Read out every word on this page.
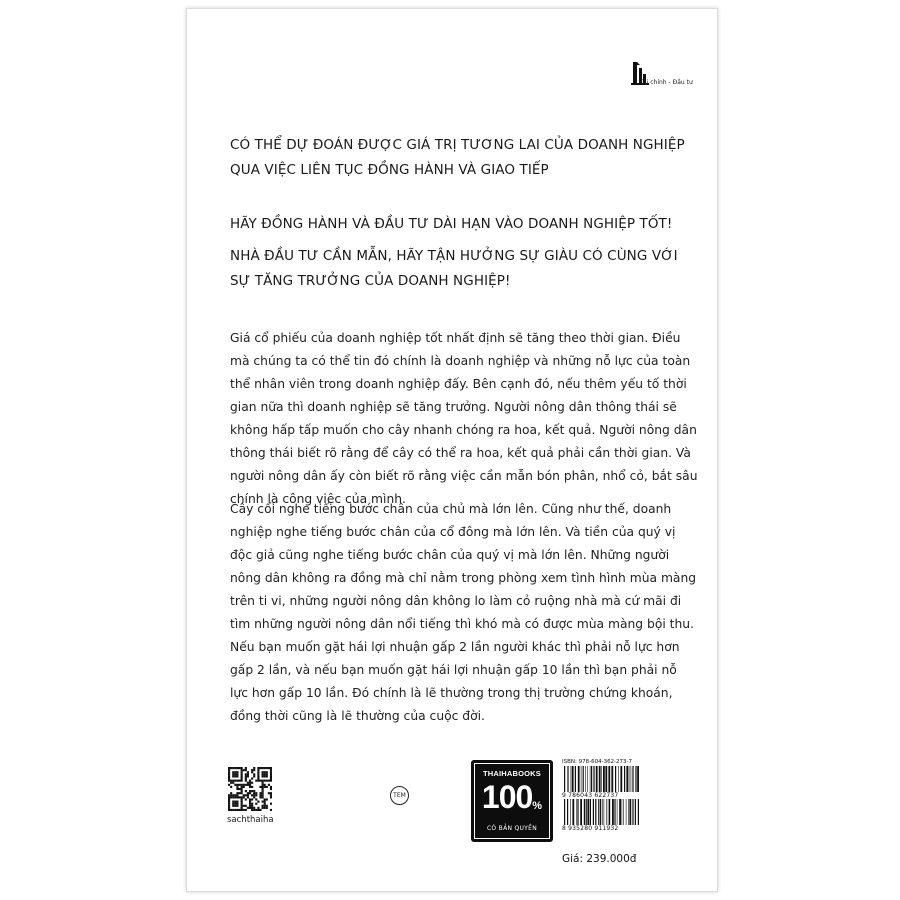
Tài chính - Đầu tư

CÓ THỂ DỰ ĐOÁN ĐƯỢC GIÁ TRỊ TƯƠNG LAI CỦA DOANH NGHIỆP QUA VIỆC LIÊN TỤC ĐỒNG HÀNH VÀ GIAO TIẾP

HÃY ĐỒNG HÀNH VÀ ĐẦU TƯ DÀI HẠN VÀO DOANH NGHIỆP TỐT!

NHÀ ĐẦU TƯ CẦN MẪN, HÃY TẬN HƯỞNG SỰ GIÀU CÓ CÙNG VỚI SỰ TĂNG TRƯỞNG CỦA DOANH NGHIỆP!

Giá cổ phiếu của doanh nghiệp tốt nhất định sẽ tăng theo thời gian. Điều mà chúng ta có thể tin đó chính là doanh nghiệp và những nỗ lực của toàn thể nhân viên trong doanh nghiệp đấy. Bên cạnh đó, nếu thêm yếu tố thời gian nữa thì doanh nghiệp sẽ tăng trưởng. Người nông dân thông thái sẽ không hấp tấp muốn cho cây nhanh chóng ra hoa, kết quả. Người nông dân thông thái biết rõ rằng để cây có thể ra hoa, kết quả phải cần thời gian. Và người nông dân ấy còn biết rõ rằng việc cần mẫn bón phân, nhổ cỏ, bắt sâu chính là công việc của mình.

Cây cối nghe tiếng bước chân của chủ mà lớn lên. Cũng như thế, doanh nghiệp nghe tiếng bước chân của cổ đông mà lớn lên. Và tiền của quý vị độc giả cũng nghe tiếng bước chân của quý vị mà lớn lên. Những người nông dân không ra đồng mà chỉ nằm trong phòng xem tình hình mùa màng trên ti vi, những người nông dân không lo làm cỏ ruộng nhà mà cứ mãi đi tìm những người nông dân nổi tiếng thì khó mà có được mùa màng bội thu. Nếu bạn muốn gặt hái lợi nhuận gấp 2 lần người khác thì phải nỗ lực hơn gấp 2 lần, và nếu bạn muốn gặt hái lợi nhuận gấp 10 lần thì bạn phải nỗ lực hơn gấp 10 lần. Đó chính là lẽ thường trong thị trường chứng khoán, đồng thời cũng là lẽ thường của cuộc đời.

sachthaiha
TEM
THAIHABOOKS
100%
CÓ BẢN QUYỀN
ISBN: 978-604-362-273-7
9 786043 622737
8 935280 911932
Giá: 239.000đ
